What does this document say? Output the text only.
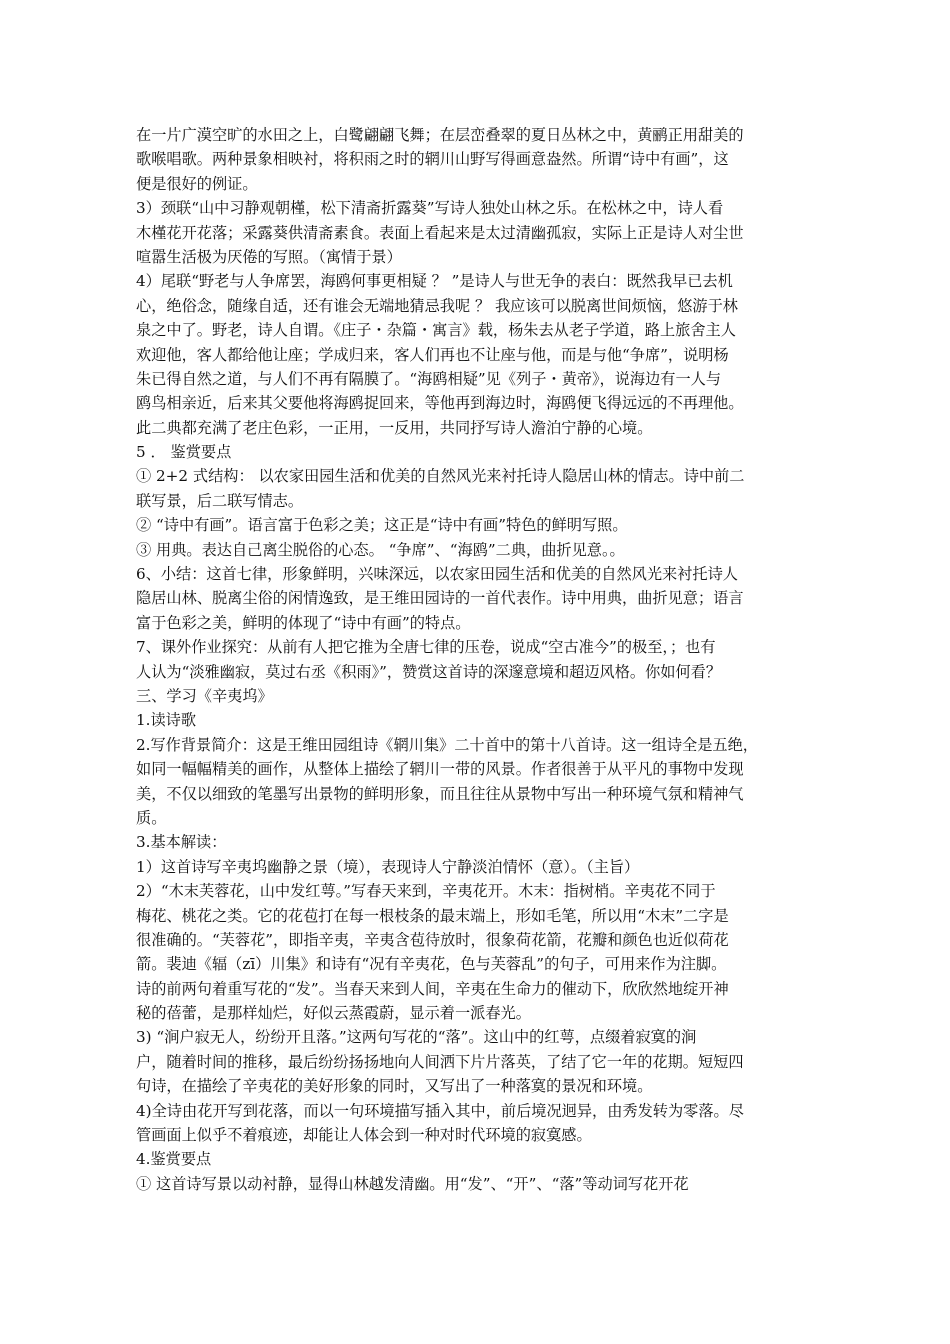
在一片广漠空旷的水田之上，白鹭翩翩飞舞；在层峦叠翠的夏日丛林之中，黄鹂正用甜美的
歌喉唱歌。两种景象相映衬，将积雨之时的辋川山野写得画意盎然。所谓“诗中有画”，这
便是很好的例证。
3）颈联“山中习静观朝槿，松下清斋折露葵”写诗人独处山林之乐。在松林之中，诗人看
木槿花开花落；采露葵供清斋素食。表面上看起来是太过清幽孤寂，实际上正是诗人对尘世
喧嚣生活极为厌倦的写照。（寓情于景）
4）尾联“野老与人争席罢，海鸥何事更相疑 ？ ”是诗人与世无争的表白：既然我早已去机
心，绝俗念，随缘自适，还有谁会无端地猜忌我呢 ？ 我应该可以脱离世间烦恼，悠游于林
泉之中了。野老，诗人自谓。《庄子・杂篇・寓言》载，杨朱去从老子学道，路上旅舍主人
欢迎他，客人都给他让座；学成归来，客人们再也不让座与他，而是与他“争席”，说明杨
朱已得自然之道，与人们不再有隔膜了。“海鸥相疑”见《列子・黄帝》，说海边有一人与
鸥鸟相亲近，后来其父要他将海鸥捉回来，等他再到海边时，海鸥便飞得远远的不再理他。
此二典都充满了老庄色彩，一正用，一反用，共同抒写诗人澹泊宁静的心境。
5 ． 鉴赏要点
① 2+2 式结构： 以农家田园生活和优美的自然风光来衬托诗人隐居山林的情志。诗中前二
联写景，后二联写情志。
② “诗中有画”。语言富于色彩之美；这正是“诗中有画”特色的鲜明写照。
③ 用典。表达自己离尘脱俗的心态。 “争席”、“海鸥”二典，曲折见意。。
6、小结：这首七律，形象鲜明，兴味深远，以农家田园生活和优美的自然风光来衬托诗人
隐居山林、脱离尘俗的闲情逸致，是王维田园诗的一首代表作。诗中用典，曲折见意；语言
富于色彩之美，鲜明的体现了“诗中有画”的特点。
7、课外作业探究：从前有人把它推为全唐七律的压卷，说成“空古准今”的极至，；也有
人认为“淡雅幽寂，莫过右丞《积雨》”，赞赏这首诗的深邃意境和超迈风格。你如何看？
三、学习《辛夷坞》
1.读诗歌
2.写作背景简介：这是王维田园组诗《辋川集》二十首中的第十八首诗。这一组诗全是五绝，
如同一幅幅精美的画作，从整体上描绘了辋川一带的风景。作者很善于从平凡的事物中发现
美，不仅以细致的笔墨写出景物的鲜明形象，而且往往从景物中写出一种环境气氛和精神气
质。
3.基本解读：
1）这首诗写辛夷坞幽静之景（境），表现诗人宁静淡泊情怀（意）。（主旨）
2）“木末芙蓉花，山中发红萼。”写春天来到，辛夷花开。木末：指树梢。辛夷花不同于
梅花、桃花之类。它的花苞打在每一根枝条的最末端上，形如毛笔，所以用“木末”二字是
很准确的。“芙蓉花”，即指辛夷，辛夷含苞待放时，很象荷花箭，花瓣和颜色也近似荷花
箭。裴迪《辐（zī）川集》和诗有“况有辛夷花，色与芙蓉乱”的句子，可用来作为注脚。
诗的前两句着重写花的“发”。当春天来到人间，辛夷在生命力的催动下，欣欣然地绽开神
秘的蓓蕾，是那样灿烂，好似云蒸霞蔚，显示着一派春光。
3) “涧户寂无人，纷纷开且落。”这两句写花的“落”。这山中的红萼，点缀着寂寞的涧
户，随着时间的推移，最后纷纷扬扬地向人间洒下片片落英，了结了它一年的花期。短短四
句诗，在描绘了辛夷花的美好形象的同时，又写出了一种落寞的景况和环境。
4)全诗由花开写到花落，而以一句环境描写插入其中，前后境况迥异，由秀发转为零落。尽
管画面上似乎不着痕迹，却能让人体会到一种对时代环境的寂寞感。
4.鉴赏要点
① 这首诗写景以动衬静，显得山林越发清幽。用“发”、“开”、“落”等动词写花开花
